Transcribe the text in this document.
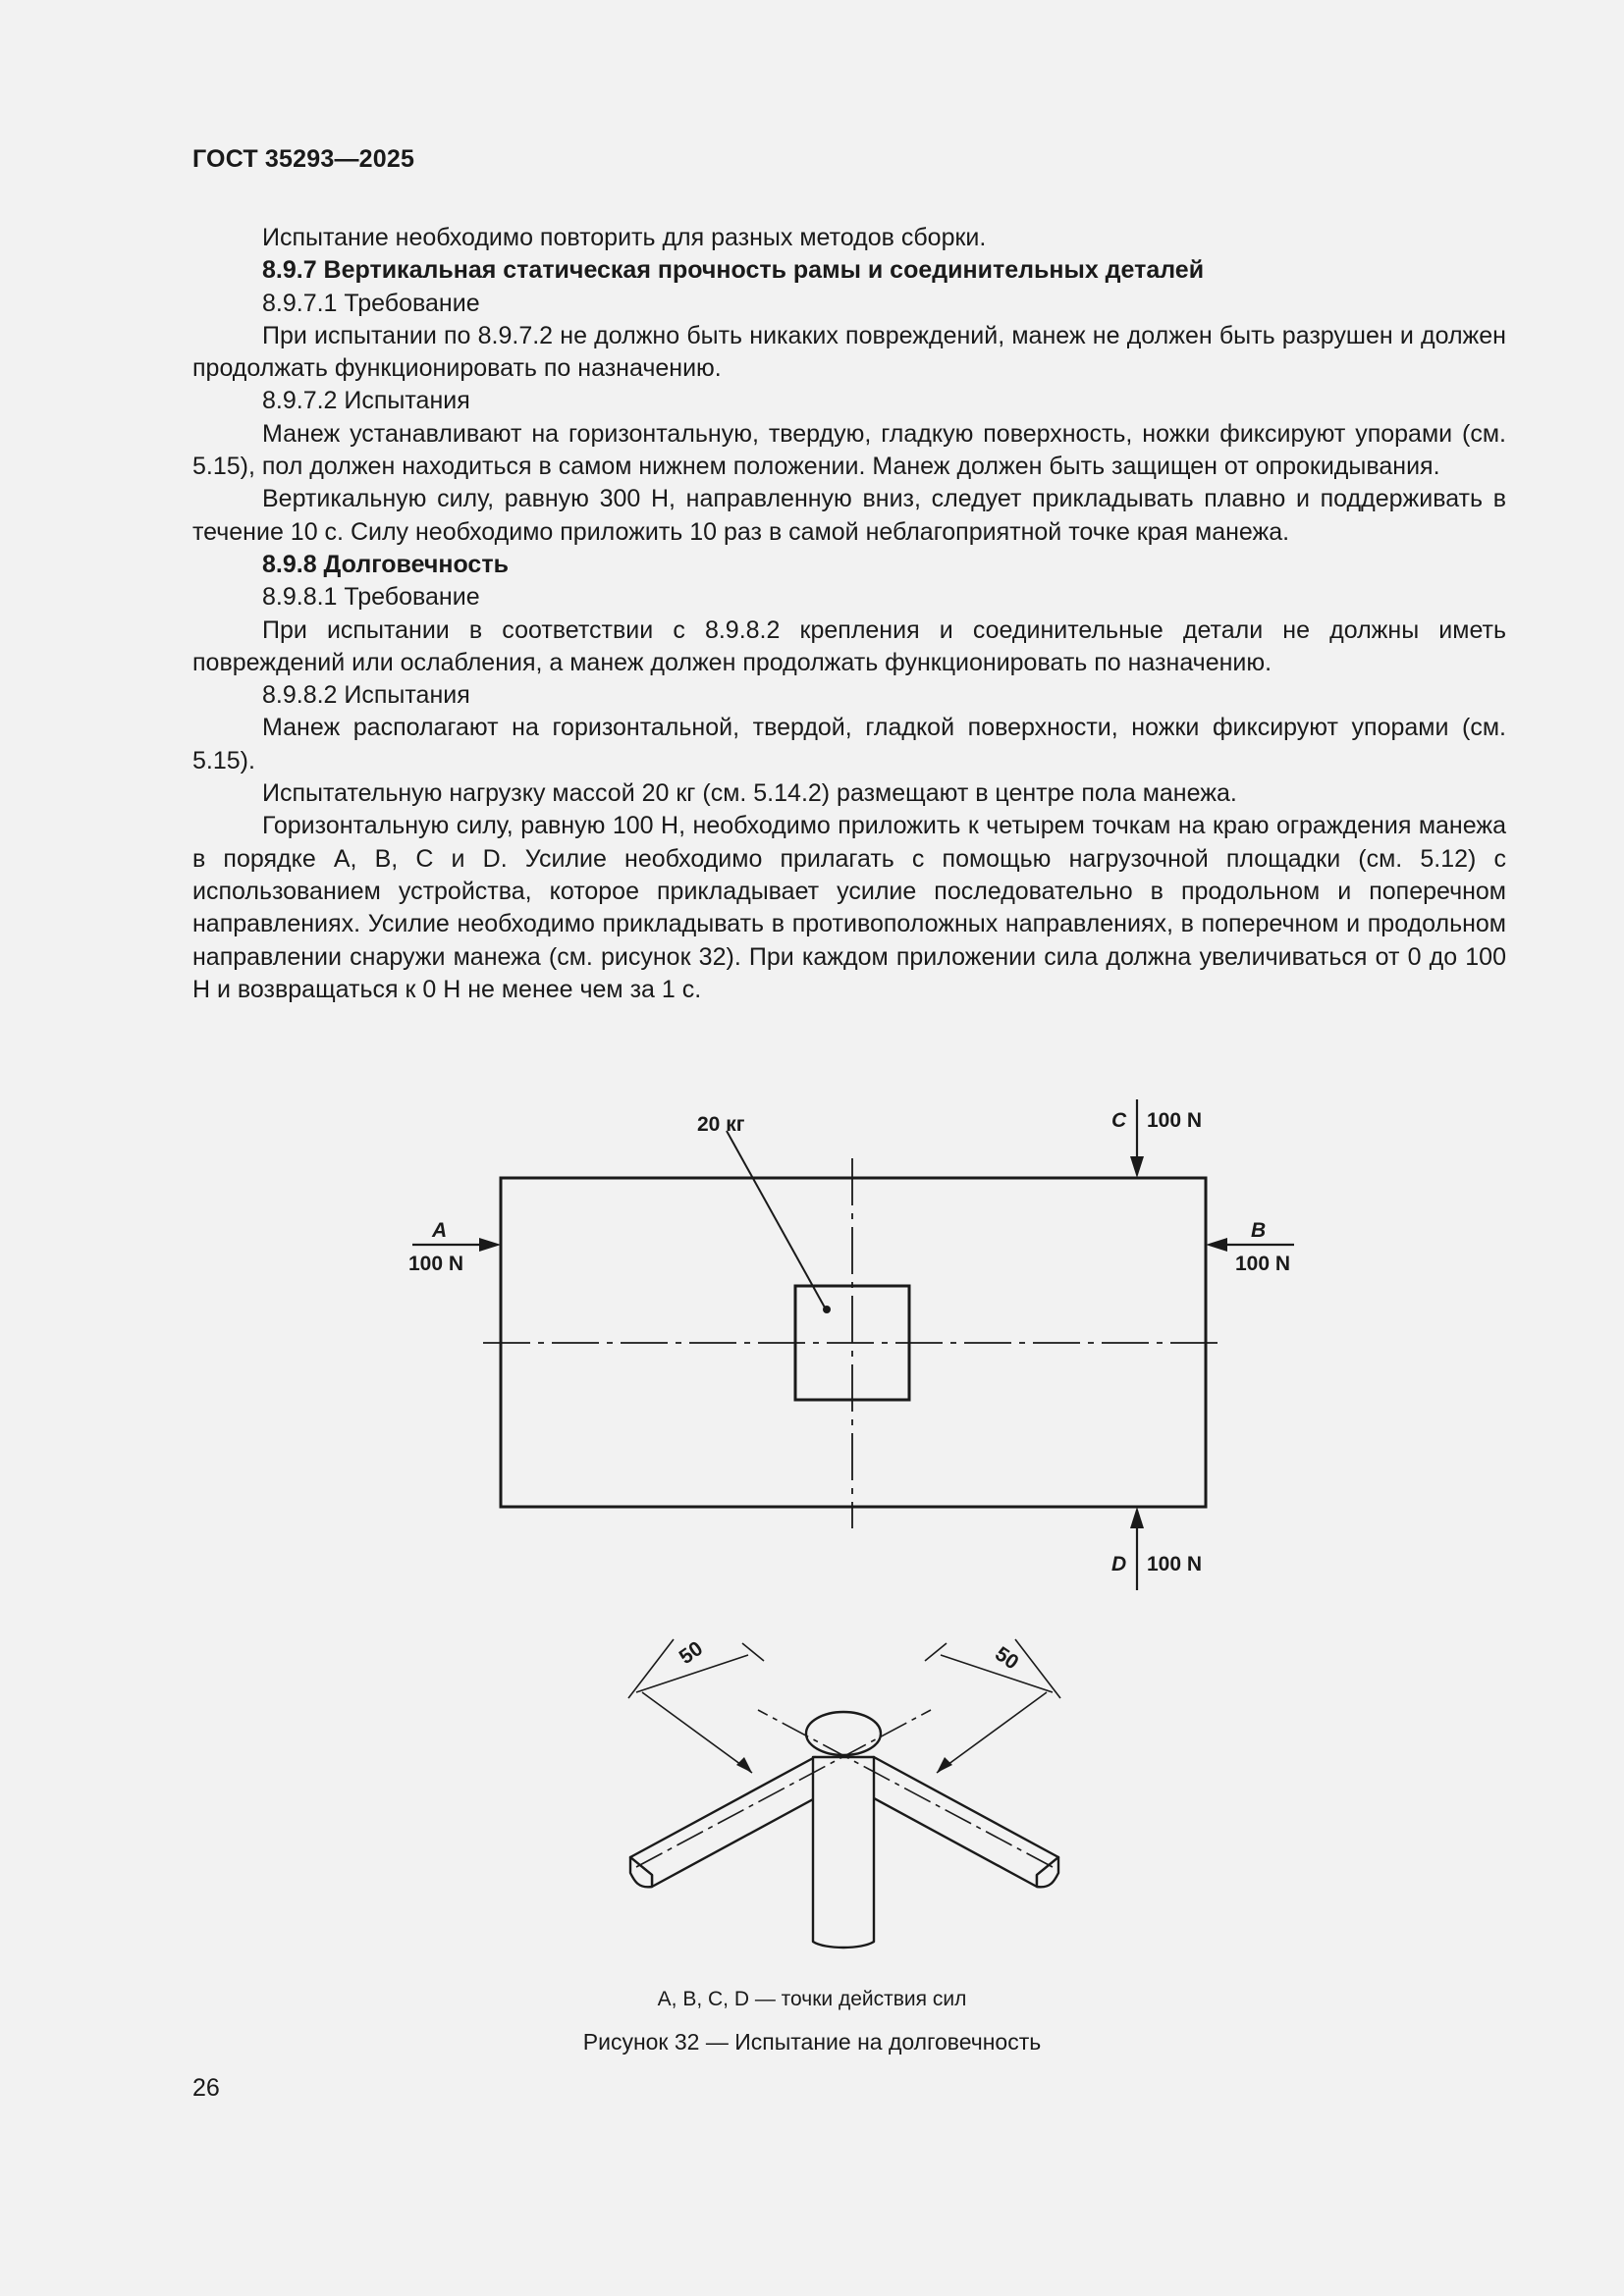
ГОСТ 35293—2025

Испытание необходимо повторить для разных методов сборки.

8.9.7 Вертикальная статическая прочность рамы и соединительных деталей

8.9.7.1 Требование

При испытании по 8.9.7.2 не должно быть никаких повреждений, манеж не должен быть разрушен и должен продолжать функционировать по назначению.

8.9.7.2 Испытания

Манеж устанавливают на горизонтальную, твердую, гладкую поверхность, ножки фиксируют упорами (см. 5.15), пол должен находиться в самом нижнем положении. Манеж должен быть защищен от опрокидывания.

Вертикальную силу, равную 300 Н, направленную вниз, следует прикладывать плавно и поддерживать в течение 10 с. Силу необходимо приложить 10 раз в самой неблагоприятной точке края манежа.

8.9.8 Долговечность

8.9.8.1 Требование

При испытании в соответствии с 8.9.8.2 крепления и соединительные детали не должны иметь повреждений или ослабления, а манеж должен продолжать функционировать по назначению.

8.9.8.2 Испытания

Манеж располагают на горизонтальной, твердой, гладкой поверхности, ножки фиксируют упорами (см. 5.15).

Испытательную нагрузку массой 20 кг (см. 5.14.2) размещают в центре пола манежа.

Горизонтальную силу, равную 100 Н, необходимо приложить к четырем точкам на краю ограждения манежа в порядке A, B, C и D. Усилие необходимо прилагать с помощью нагрузочной площадки (см. 5.12) с использованием устройства, которое прикладывает усилие последовательно в продольном и поперечном направлениях. Усилие необходимо прикладывать в противоположных направлениях, в поперечном и продольном направлении снаружи манежа (см. рисунок 32). При каждом приложении сила должна увеличиваться от 0 до 100 Н и возвращаться к 0 Н не менее чем за 1 с.

20 кг
A
100 N
B
100 N
C 100 N
D 100 N
50	50
A, B, C, D — точки действия сил
Рисунок 32 — Испытание на долговечность
26
